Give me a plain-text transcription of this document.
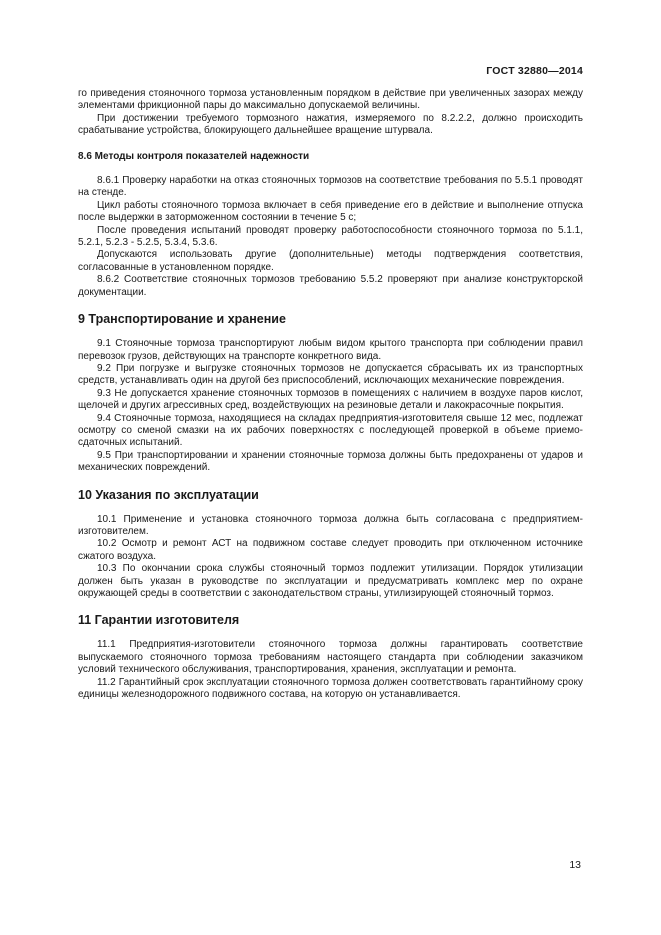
ГОСТ 32880—2014

го приведения стояночного тормоза установленным порядком в действие при увеличенных зазорах между элементами фрикционной пары до максимально допускаемой величины.

При достижении требуемого тормозного нажатия, измеряемого по 8.2.2.2, должно происходить срабатывание устройства, блокирующего дальнейшее вращение штурвала.

8.6 Методы контроля показателей надежности

8.6.1 Проверку наработки на отказ стояночных тормозов на соответствие требования по 5.5.1 проводят на стенде.

Цикл работы стояночного тормоза включает в себя приведение его в действие и выполнение отпуска после выдержки в заторможенном состоянии в течение 5 с;

После проведения испытаний проводят проверку работоспособности стояночного тормоза по 5.1.1, 5.2.1, 5.2.3 - 5.2.5, 5.3.4, 5.3.6.

Допускаются использовать другие (дополнительные) методы подтверждения соответствия, согласованные в установленном порядке.

8.6.2 Соответствие стояночных тормозов требованию 5.5.2 проверяют при анализе конструкторской документации.

9 Транспортирование и хранение

9.1 Стояночные тормоза транспортируют любым видом крытого транспорта при соблюдении правил перевозок грузов, действующих на транспорте конкретного вида.

9.2 При погрузке и выгрузке стояночных тормозов не допускается сбрасывать их из транспортных средств, устанавливать один на другой без приспособлений, исключающих механические повреждения.

9.3 Не допускается хранение стояночных тормозов в помещениях с наличием в воздухе паров кислот, щелочей и других агрессивных сред, воздействующих на резиновые детали и лакокрасочные покрытия.

9.4 Стояночные тормоза, находящиеся на складах предприятия-изготовителя свыше 12 мес, подлежат осмотру со сменой смазки на их рабочих поверхностях с последующей проверкой в объеме приемо-сдаточных испытаний.

9.5 При транспортировании и хранении стояночные тормоза должны быть предохранены от ударов и механических повреждений.

10 Указания по эксплуатации

10.1 Применение и установка стояночного тормоза должна быть согласована с предприятием-изготовителем.

10.2 Осмотр и ремонт АСТ на подвижном составе следует проводить при отключенном источнике сжатого воздуха.

10.3 По окончании срока службы стояночный тормоз подлежит утилизации. Порядок утилизации должен быть указан в руководстве по эксплуатации и предусматривать комплекс мер по охране окружающей среды в соответствии с законодательством страны, утилизирующей стояночный тормоз.

11 Гарантии изготовителя

11.1 Предприятия-изготовители стояночного тормоза должны гарантировать соответствие выпускаемого стояночного тормоза требованиям настоящего стандарта при соблюдении заказчиком условий технического обслуживания, транспортирования, хранения, эксплуатации и ремонта.

11.2 Гарантийный срок эксплуатации стояночного тормоза должен соответствовать гарантийному сроку единицы железнодорожного подвижного состава, на которую он устанавливается.

13
